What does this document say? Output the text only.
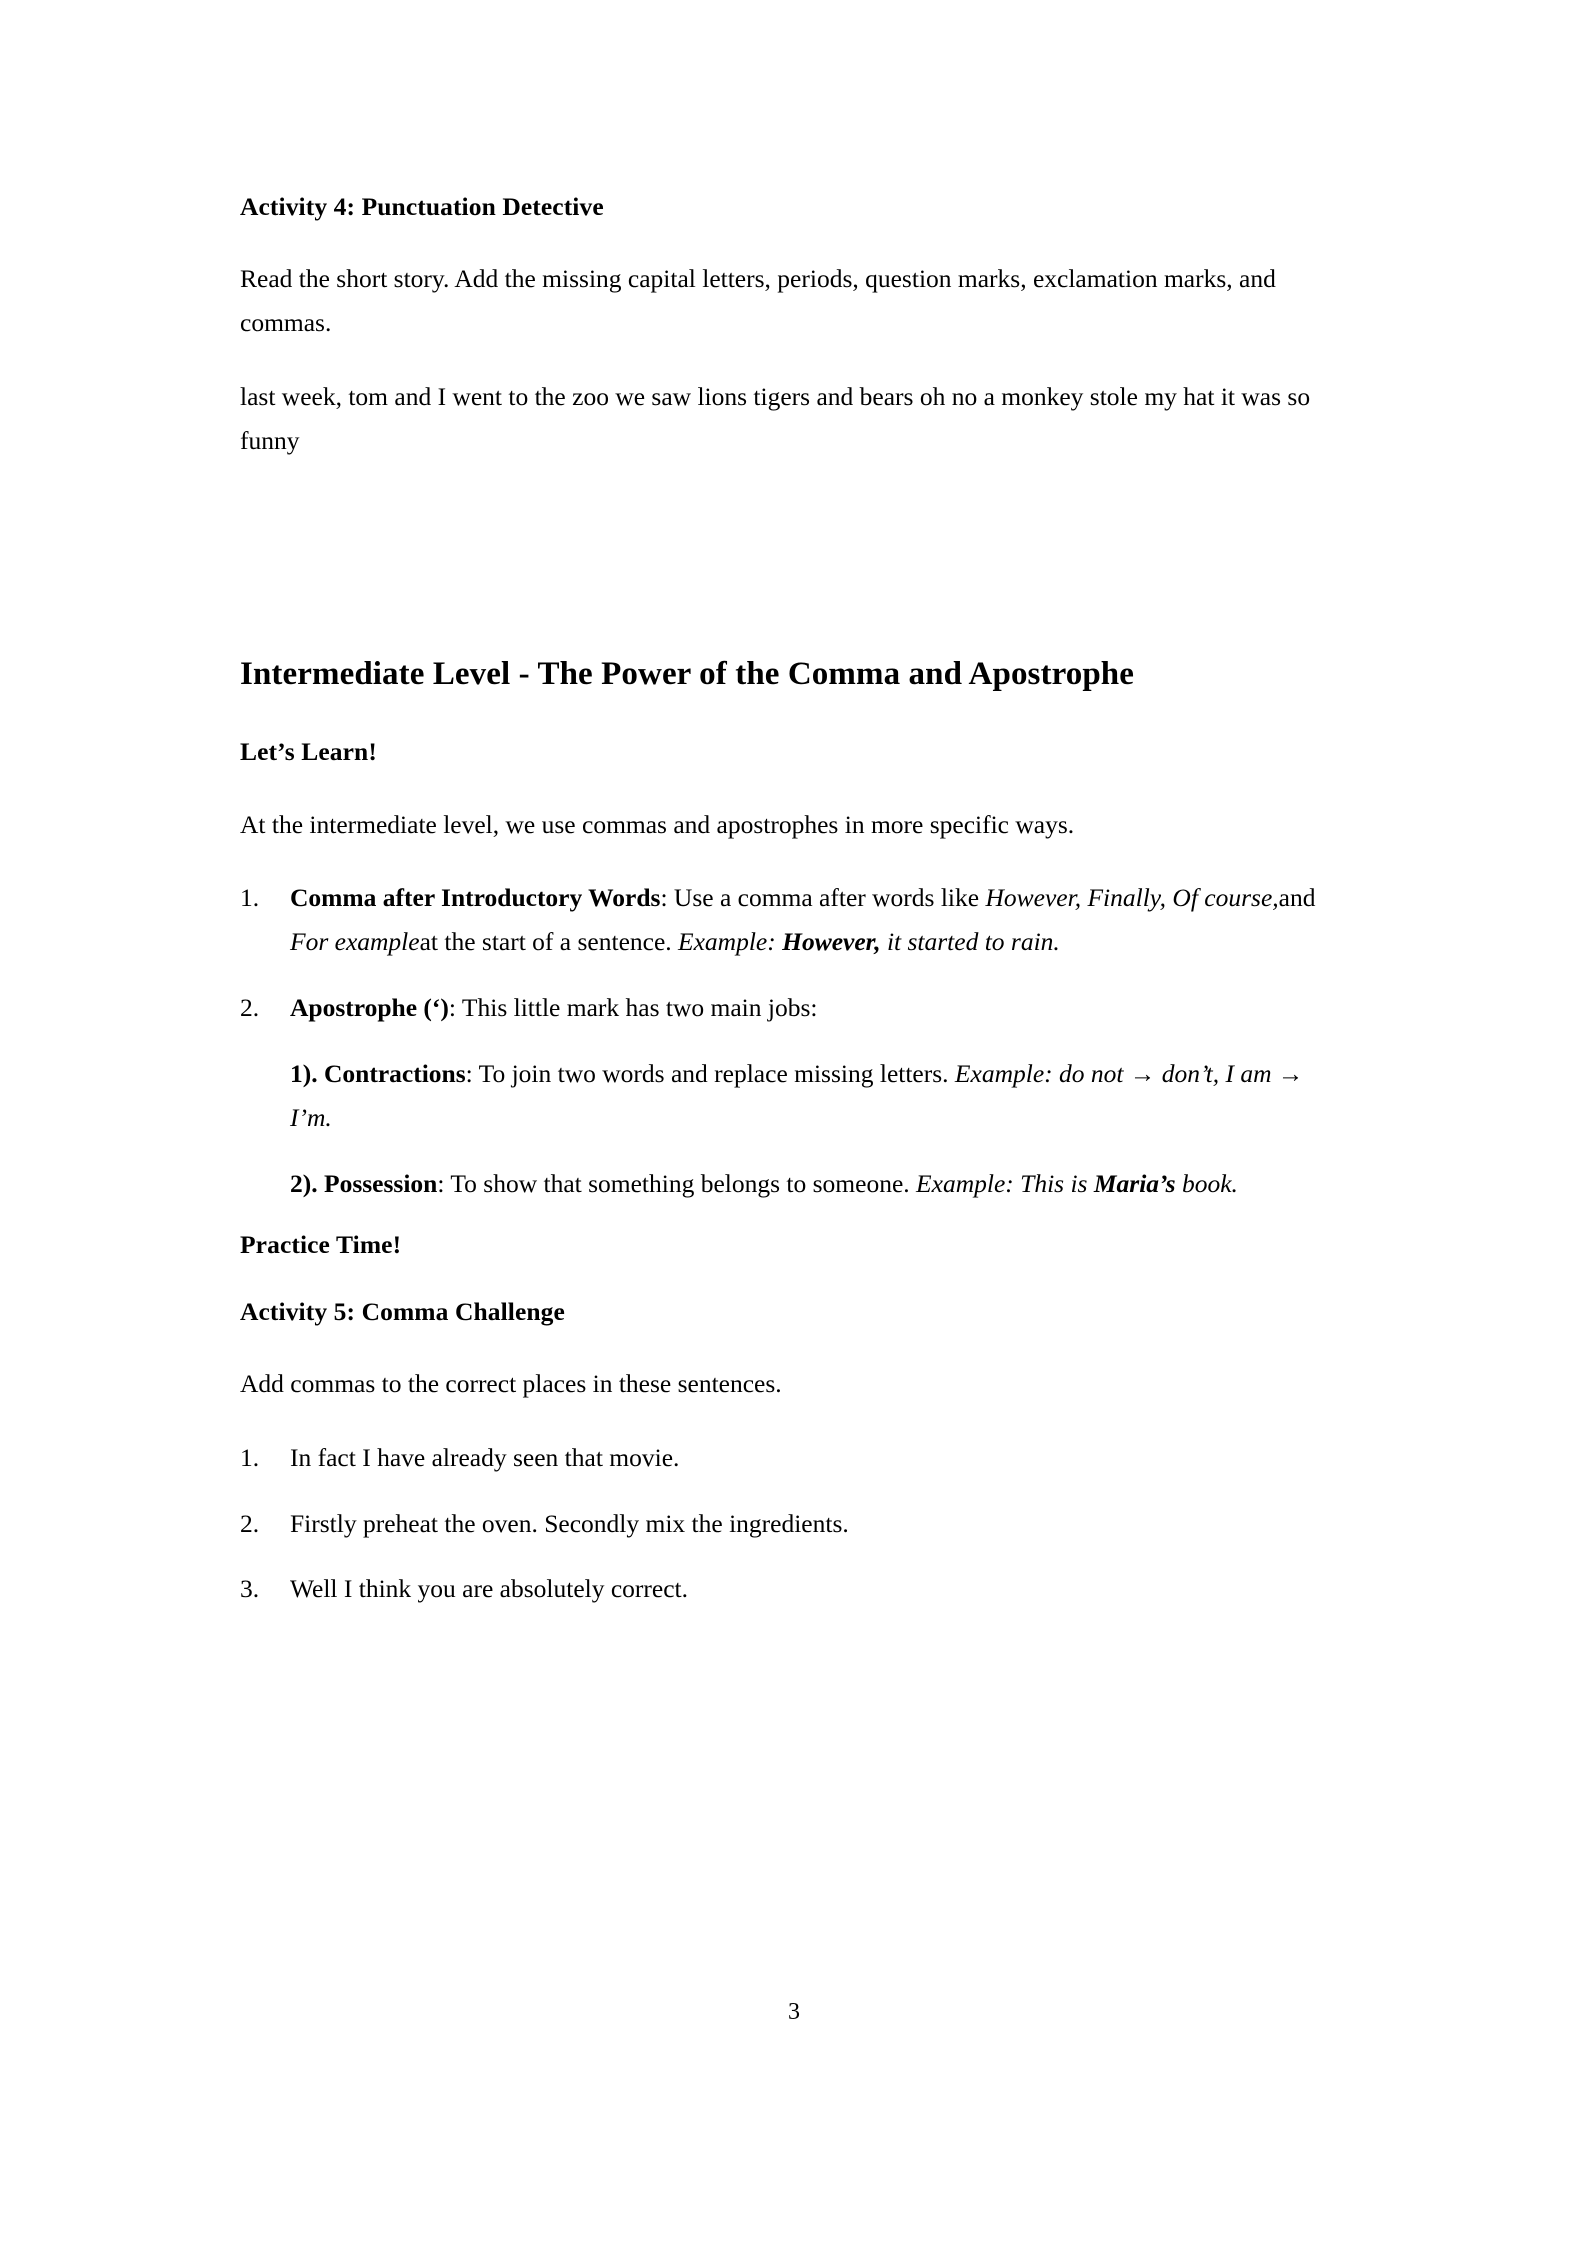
Activity 4: Punctuation Detective
Read the short story. Add the missing capital letters, periods, question marks, exclamation marks, and commas.
last week, tom and I went to the zoo we saw lions tigers and bears oh no a monkey stole my hat it was so funny
Intermediate Level - The Power of the Comma and Apostrophe
Let’s Learn!
At the intermediate level, we use commas and apostrophes in more specific ways.
1.	Comma after Introductory Words: Use a comma after words like However, Finally, Of course,and For exampleat the start of a sentence. Example: However, it started to rain.
2.	Apostrophe (‘): This little mark has two main jobs:
1). Contractions: To join two words and replace missing letters. Example: do not → don’t, I am → I’m.
2). Possession: To show that something belongs to someone. Example: This is Maria’s book.
Practice Time!
Activity 5: Comma Challenge
Add commas to the correct places in these sentences.
1.	In fact I have already seen that movie.
2.	Firstly preheat the oven. Secondly mix the ingredients.
3.	Well I think you are absolutely correct.
3
